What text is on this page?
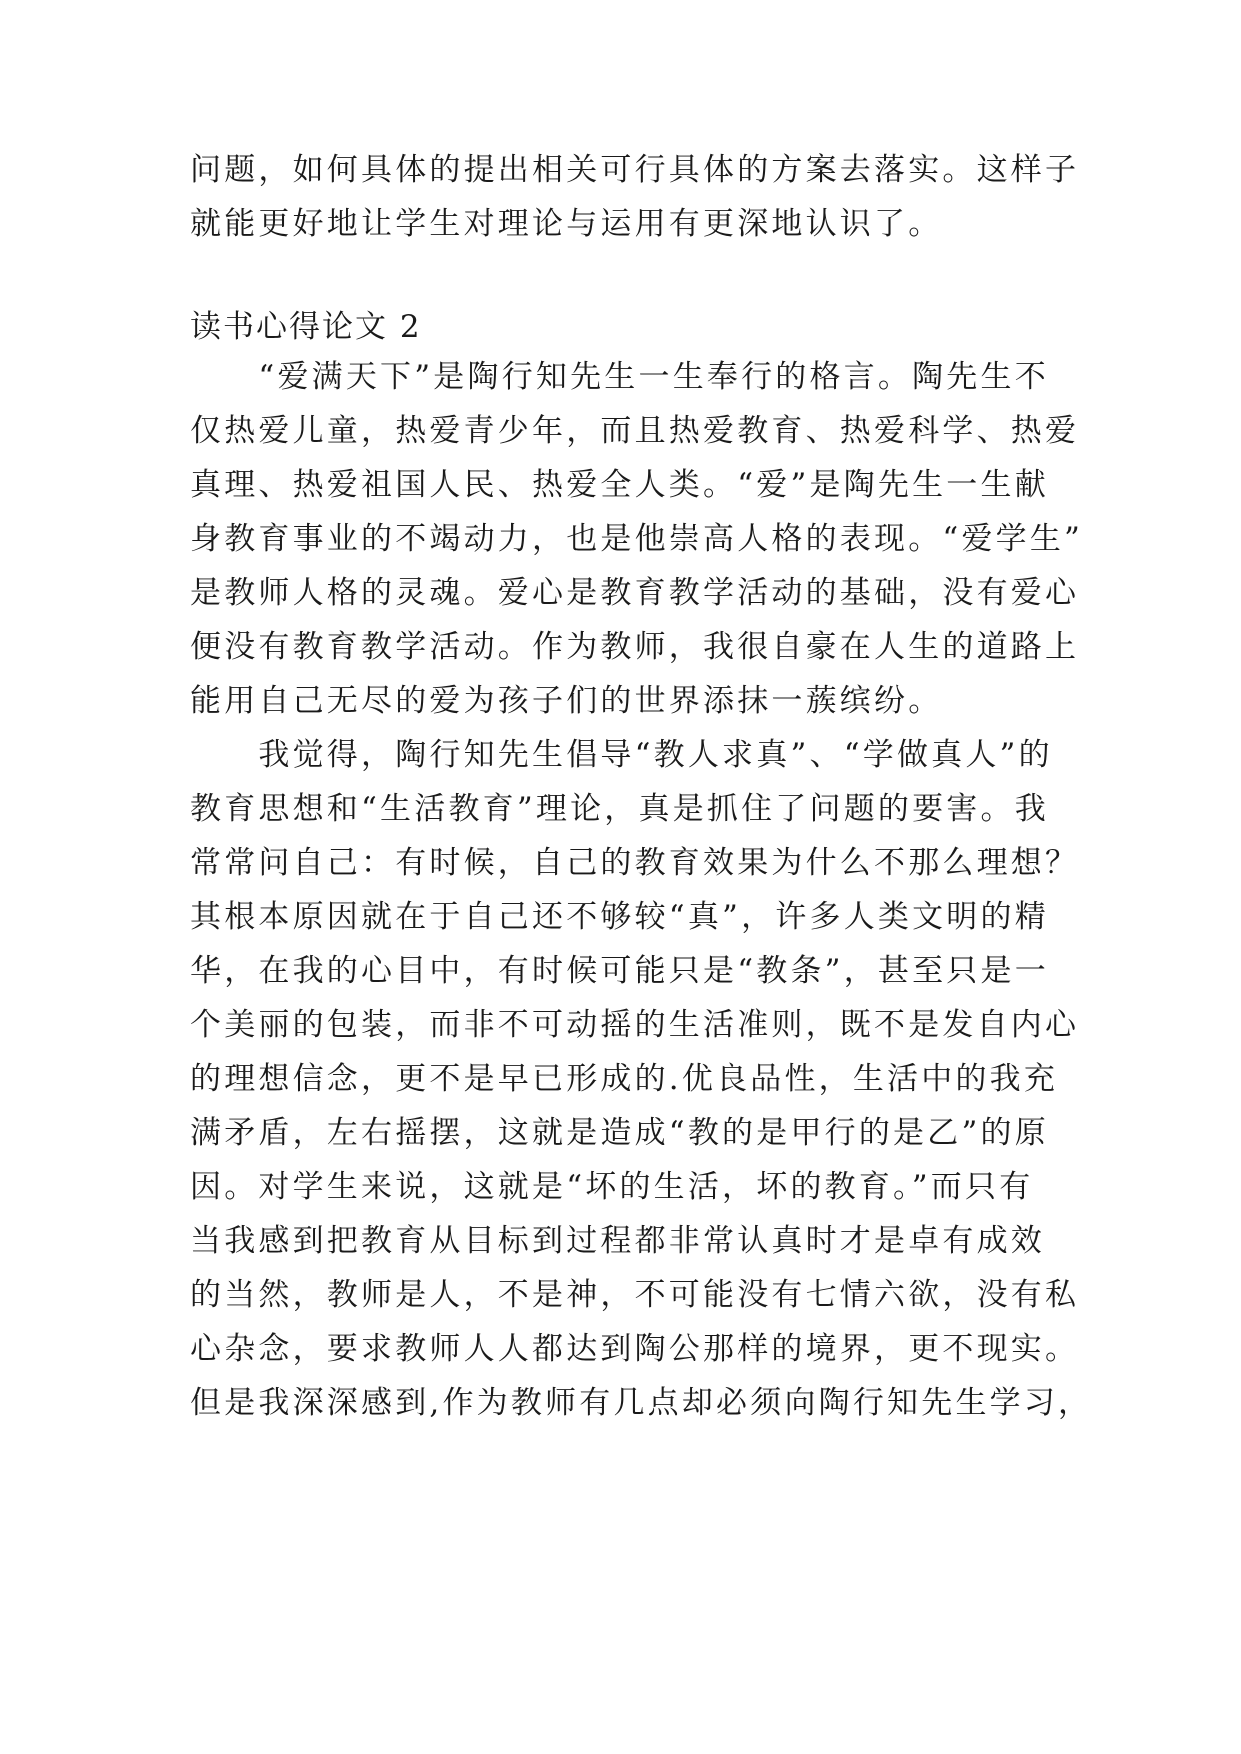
问题，如何具体的提出相关可行具体的方案去落实。这样子
就能更好地让学生对理论与运用有更深地认识了。
读书心得论文 2
　　“爱满天下”是陶行知先生一生奉行的格言。陶先生不
仅热爱儿童，热爱青少年，而且热爱教育、热爱科学、热爱
真理、热爱祖国人民、热爱全人类。“爱”是陶先生一生献
身教育事业的不竭动力，也是他崇高人格的表现。“爱学生”
是教师人格的灵魂。爱心是教育教学活动的基础，没有爱心
便没有教育教学活动。作为教师，我很自豪在人生的道路上
能用自己无尽的爱为孩子们的世界添抹一蔟缤纷。
　　我觉得，陶行知先生倡导“教人求真”、“学做真人”的
教育思想和“生活教育”理论，真是抓住了问题的要害。我
常常问自己：有时候，自己的教育效果为什么不那么理想？
其根本原因就在于自己还不够较“真”，许多人类文明的精
华，在我的心目中，有时候可能只是“教条”，甚至只是一
个美丽的包装，而非不可动摇的生活准则，既不是发自内心
的理想信念，更不是早已形成的.优良品性，生活中的我充
满矛盾，左右摇摆，这就是造成“教的是甲行的是乙”的原
因。对学生来说，这就是“坏的生活，坏的教育。”而只有
当我感到把教育从目标到过程都非常认真时才是卓有成效
的当然，教师是人，不是神，不可能没有七情六欲，没有私
心杂念，要求教师人人都达到陶公那样的境界，更不现实。
但是我深深感到,作为教师有几点却必须向陶行知先生学习，
